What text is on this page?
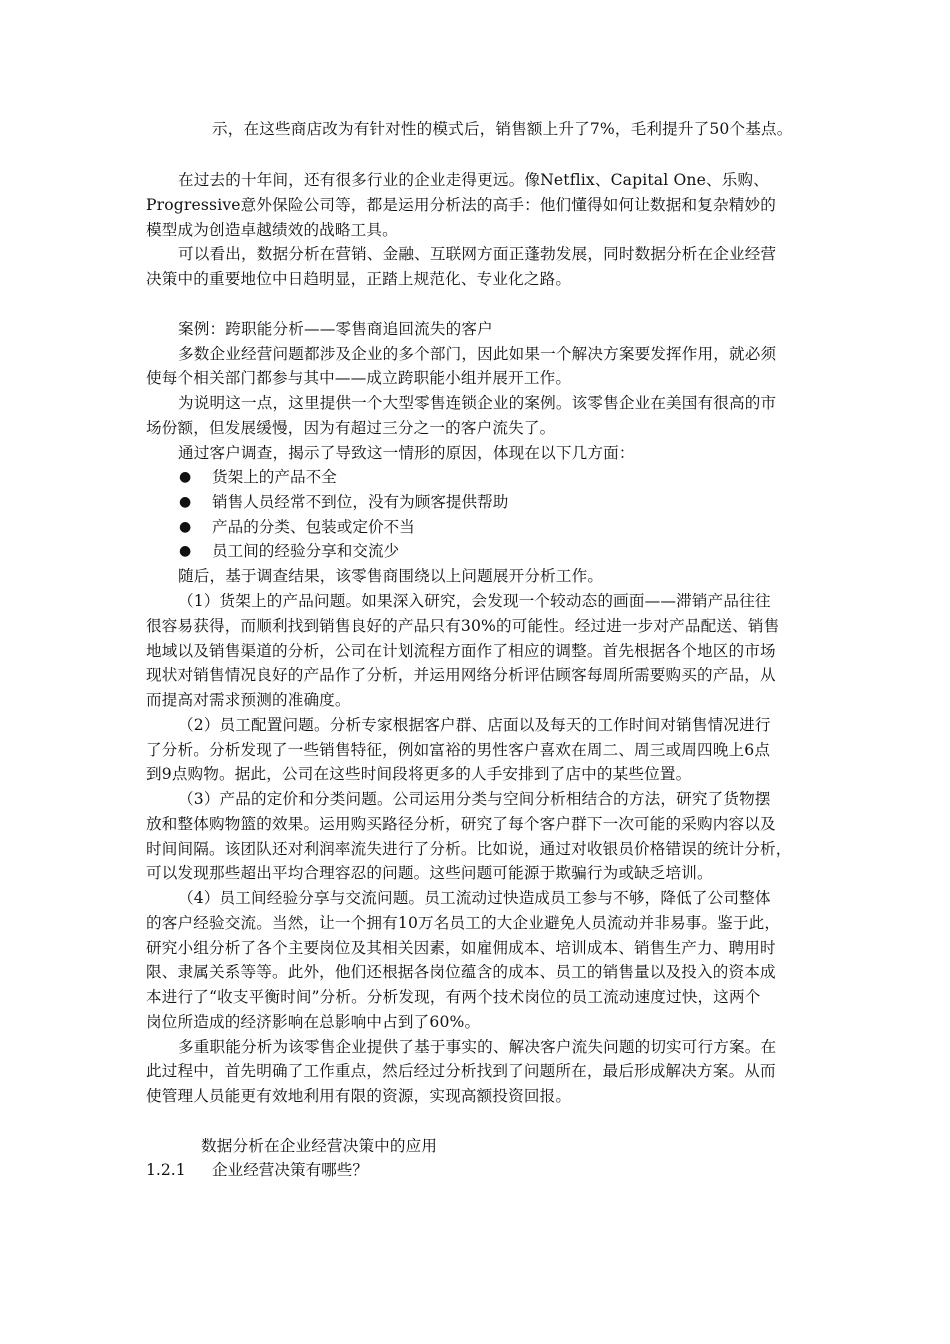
示，在这些商店改为有针对性的模式后，销售额上升了7%，毛利提升了50个基点。
在过去的十年间，还有很多行业的企业走得更远。像Netflix、Capital One、乐购、
Progressive意外保险公司等，都是运用分析法的高手：他们懂得如何让数据和复杂精妙的
模型成为创造卓越绩效的战略工具。
可以看出，数据分析在营销、金融、互联网方面正蓬勃发展，同时数据分析在企业经营
决策中的重要地位中日趋明显，正踏上规范化、专业化之路。
案例：跨职能分析——零售商追回流失的客户
多数企业经营问题都涉及企业的多个部门，因此如果一个解决方案要发挥作用，就必须
使每个相关部门都参与其中——成立跨职能小组并展开工作。
为说明这一点，这里提供一个大型零售连锁企业的案例。该零售企业在美国有很高的市
场份额，但发展缓慢，因为有超过三分之一的客户流失了。
通过客户调查，揭示了导致这一情形的原因，体现在以下几方面：
● 货架上的产品不全
● 销售人员经常不到位，没有为顾客提供帮助
● 产品的分类、包装或定价不当
● 员工间的经验分享和交流少
随后，基于调查结果，该零售商围绕以上问题展开分析工作。
（1）货架上的产品问题。如果深入研究，会发现一个较动态的画面——滞销产品往往
很容易获得，而顺利找到销售良好的产品只有30%的可能性。经过进一步对产品配送、销售
地域以及销售渠道的分析，公司在计划流程方面作了相应的调整。首先根据各个地区的市场
现状对销售情况良好的产品作了分析，并运用网络分析评估顾客每周所需要购买的产品，从
而提高对需求预测的准确度。
（2）员工配置问题。分析专家根据客户群、店面以及每天的工作时间对销售情况进行
了分析。分析发现了一些销售特征，例如富裕的男性客户喜欢在周二、周三或周四晚上6点
到9点购物。据此，公司在这些时间段将更多的人手安排到了店中的某些位置。
（3）产品的定价和分类问题。公司运用分类与空间分析相结合的方法，研究了货物摆
放和整体购物篮的效果。运用购买路径分析，研究了每个客户群下一次可能的采购内容以及
时间间隔。该团队还对利润率流失进行了分析。比如说，通过对收银员价格错误的统计分析，
可以发现那些超出平均合理容忍的问题。这些问题可能源于欺骗行为或缺乏培训。
（4）员工间经验分享与交流问题。员工流动过快造成员工参与不够，降低了公司整体
的客户经验交流。当然，让一个拥有10万名员工的大企业避免人员流动并非易事。鉴于此，
研究小组分析了各个主要岗位及其相关因素，如雇佣成本、培训成本、销售生产力、聘用时
限、隶属关系等等。此外，他们还根据各岗位蕴含的成本、员工的销售量以及投入的资本成
本进行了“收支平衡时间”分析。分析发现，有两个技术岗位的员工流动速度过快，这两个
岗位所造成的经济影响在总影响中占到了60%。
多重职能分析为该零售企业提供了基于事实的、解决客户流失问题的切实可行方案。在
此过程中，首先明确了工作重点，然后经过分析找到了问题所在，最后形成解决方案。从而
使管理人员能更有效地利用有限的资源，实现高额投资回报。
数据分析在企业经营决策中的应用
1.2.1 企业经营决策有哪些？
